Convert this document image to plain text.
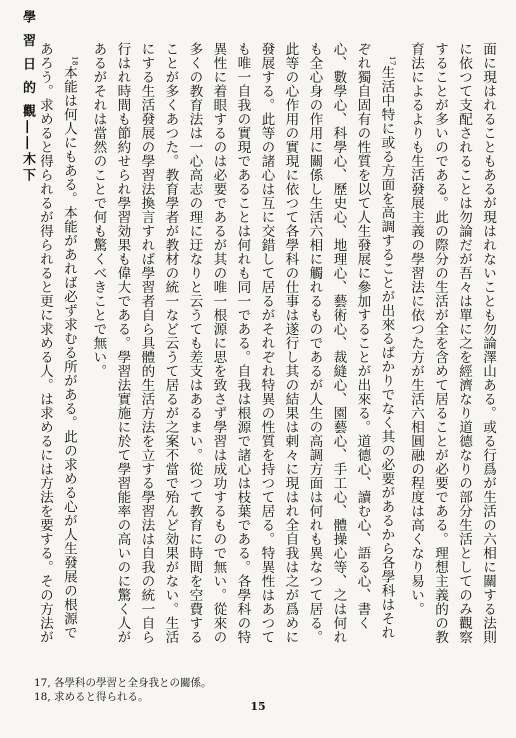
學 習 日 的 觀――木下	面に現はれることもあるが現はれないことも勿論澤山ある。或る行爲が生活の六相に關する法則に依つて支配されることは勿論だが吾々は單に之を經濟なり道德なりの部分生活としてのみ觀察することが多いのである。此の際分の生活が全を含めて居ることが必要である。理想主義的の教育法によるよりも生活發展主義の學習法に依つた方が生活六相圓融の程度は高くなり易い。

$^{17}$生活中特に或る方面を高調することが出來るばかりでなく其の必要があるから各學科はそれぞれ獨自固有の性質を以て人生發展に參加することが出來る。道德心、讀む心、語る心、書く心、數學心、科學心、歷史心、地理心、藝術心、裁縫心、園藝心、手工心、體操心等、之は何れも全心身の作用に關係し生活六相に觸れるものであるが人生の高調方面は何れも異なつて居る。此等の心作用の實現に依つて各學科の仕事は遂行し其の結果は剌々に現はれ全自我は之が爲めに發展する。此等の諸心は互に交錯して居るがそれぞれ特異の性質を持つて居る。特異性はあつても唯一自我の實現であることは何れも同一である。自我は根源で諸心は枝葉である。各學科の特異性に着眼するのは必要であるが其の唯一根源に思を致さず學習は成功するもので無い。從來の多くの教育法は一心高志の理に迂なりと云うても差支はあるまい。從つて教育に時間を空費することが多くあつた。教育學者が教材の統一など云うて居るが之案不當で殆んど効果がない。生活にする生活發展の學習法換言すれば學習者自ら具體的生活方法を立する學習法は自我の統一自ら行はれ時間も節約せられ學習効果も偉大である。學習法實施に於て學習能率の高いのに驚く人があるがそれは當然のことで何も驚くべきことで無い。

$^{18}$本能は何人にもある。本能があれば必ず求むる所がある。此の求める心が人生發展の根源であろう。求めると得られるが得られると更に求める人。は求めるには方法を要する。その方法が

17, 各學科の學習と全身我との關係。
18, 求めると得られる。
15
